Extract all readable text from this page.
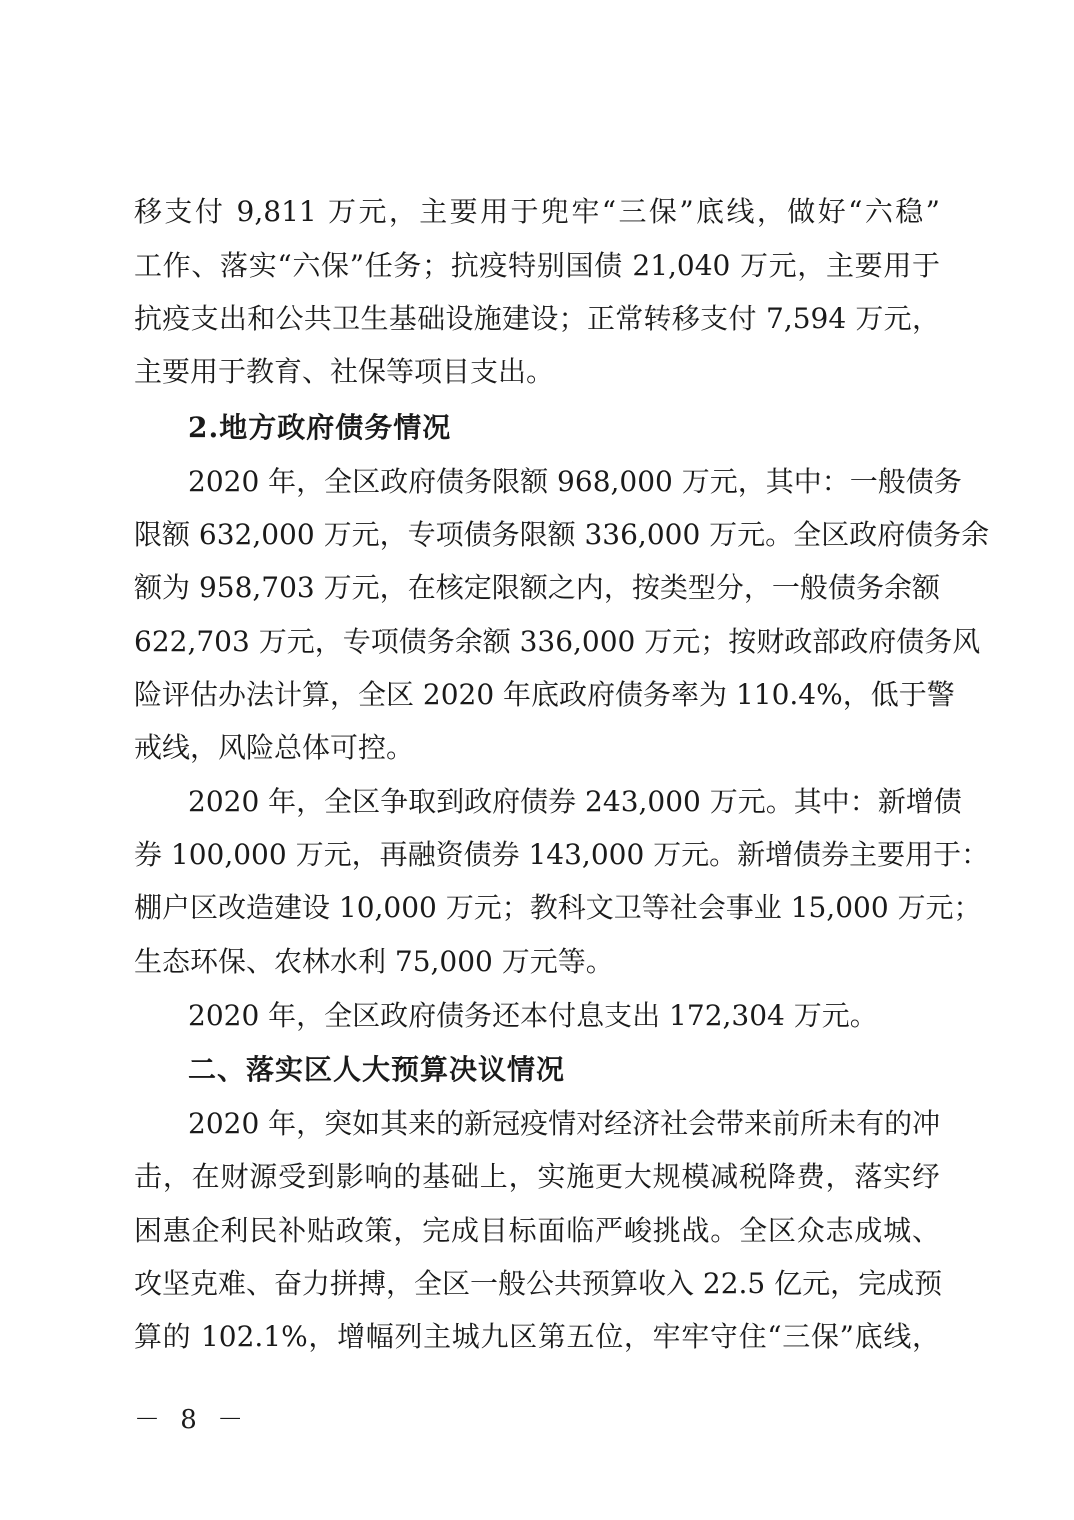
移支付 9,811 万元，主要用于兜牢“三保”底线，做好“六稳”
工作、落实“六保”任务；抗疫特别国债 21,040 万元，主要用于
抗疫支出和公共卫生基础设施建设；正常转移支付 7,594 万元，
主要用于教育、社保等项目支出。
2.地方政府债务情况
2020 年，全区政府债务限额 968,000 万元，其中：一般债务
限额 632,000 万元，专项债务限额 336,000 万元。全区政府债务余
额为 958,703 万元，在核定限额之内，按类型分，一般债务余额
622,703 万元，专项债务余额 336,000 万元；按财政部政府债务风
险评估办法计算，全区 2020 年底政府债务率为 110.4%，低于警
戒线，风险总体可控。
2020 年，全区争取到政府债券 243,000 万元。其中：新增债
券 100,000 万元，再融资债券 143,000 万元。新增债券主要用于：
棚户区改造建设 10,000 万元；教科文卫等社会事业 15,000 万元；
生态环保、农林水利 75,000 万元等。
2020 年，全区政府债务还本付息支出 172,304 万元。
二、落实区人大预算决议情况
2020 年，突如其来的新冠疫情对经济社会带来前所未有的冲
击，在财源受到影响的基础上，实施更大规模减税降费，落实纾
困惠企利民补贴政策，完成目标面临严峻挑战。全区众志成城、
攻坚克难、奋力拼搏，全区一般公共预算收入 22.5 亿元，完成预
算的 102.1%，增幅列主城九区第五位，牢牢守住“三保”底线，
－ 8 －
